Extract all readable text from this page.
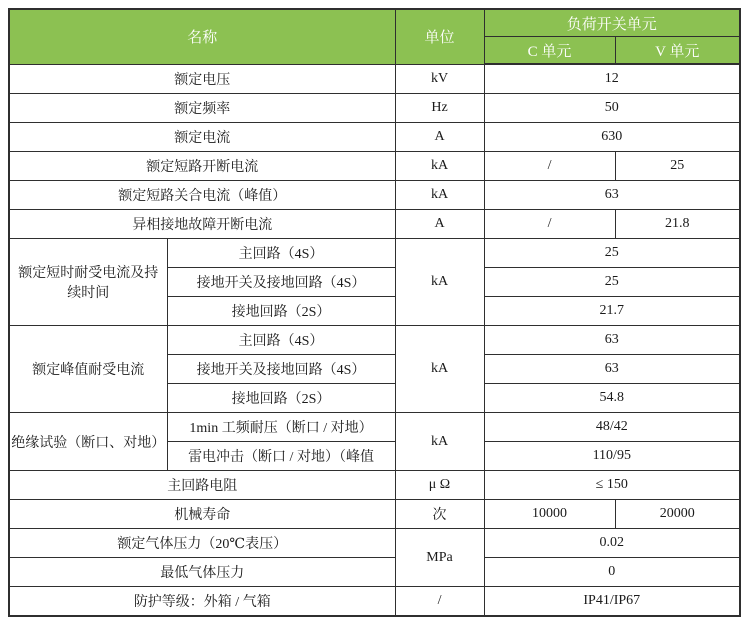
名称		单位	负荷开关单元	
			C 单元	V 单元
额定电压		kV	12	
额定频率		Hz	50	
额定电流		A	630	
额定短路开断电流		kA	/	25
额定短路关合电流（峰值）		kA	63	
异相接地故障开断电流		A	/	21.8
额定短时耐受电流及持续时间	主回路（4S）	kA	25	
	接地开关及接地回路（4S）		25	
	接地回路（2S）		21.7	
额定峰值耐受电流	主回路（4S）	kA	63	
	接地开关及接地回路（4S）		63	
	接地回路（2S）		54.8	
绝缘试验（断口、对地）	1min 工频耐压（断口 / 对地）	kA	48/42	
	雷电冲击（断口 / 对地）（峰值		110/95	
主回路电阻		μ Ω	≤ 150	
机械寿命		次	10000	20000
额定气体压力（20℃表压）		MPa	0.02	
最低气体压力			0	
防护等级：外箱 / 气箱		/	IP41/IP67	
